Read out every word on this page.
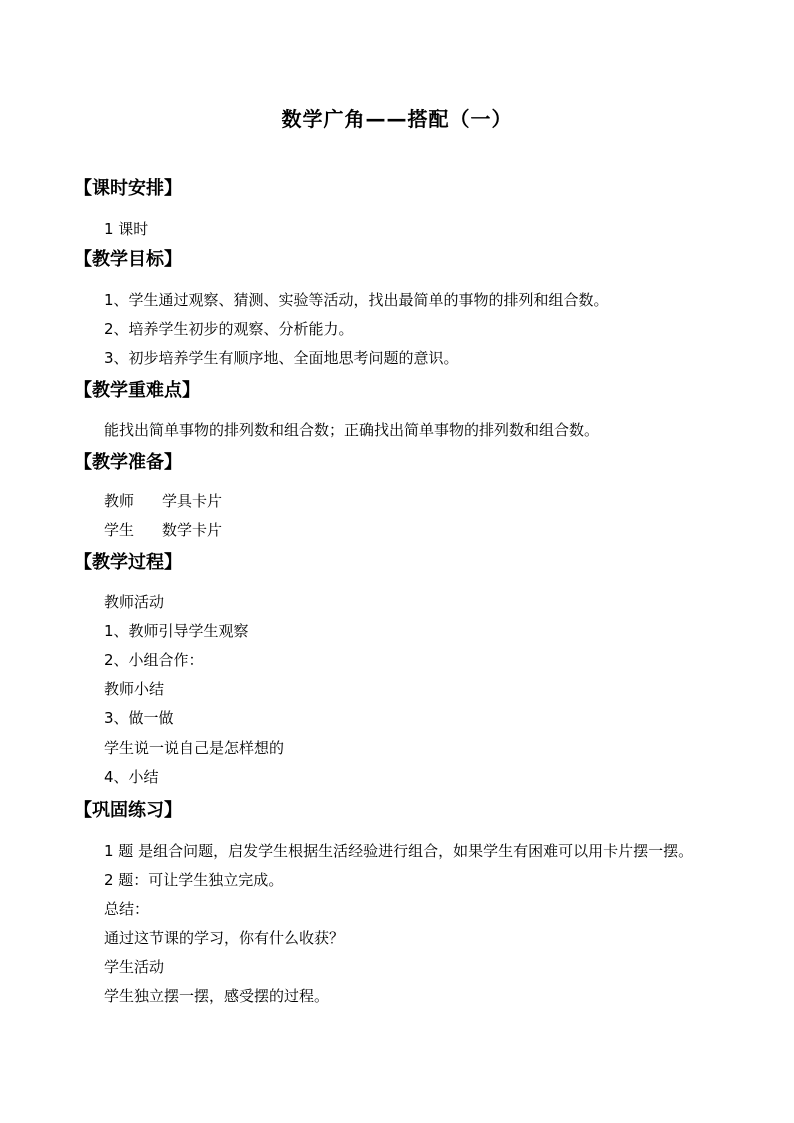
数学广角——搭配（一）
【课时安排】
1 课时
【教学目标】
1、学生通过观察、猜测、实验等活动，找出最简单的事物的排列和组合数。
2、培养学生初步的观察、分析能力。
3、初步培养学生有顺序地、全面地思考问题的意识。
【教学重难点】
能找出简单事物的排列数和组合数；正确找出简单事物的排列数和组合数。
【教学准备】
教师 学具卡片
学生 数学卡片
【教学过程】
教师活动
1、教师引导学生观察
2、小组合作：
教师小结
3、做一做
学生说一说自己是怎样想的
4、小结
【巩固练习】
1 题 是组合问题，启发学生根据生活经验进行组合，如果学生有困难可以用卡片摆一摆。
2 题：可让学生独立完成。
总结：
通过这节课的学习，你有什么收获？
学生活动
学生独立摆一摆，感受摆的过程。
